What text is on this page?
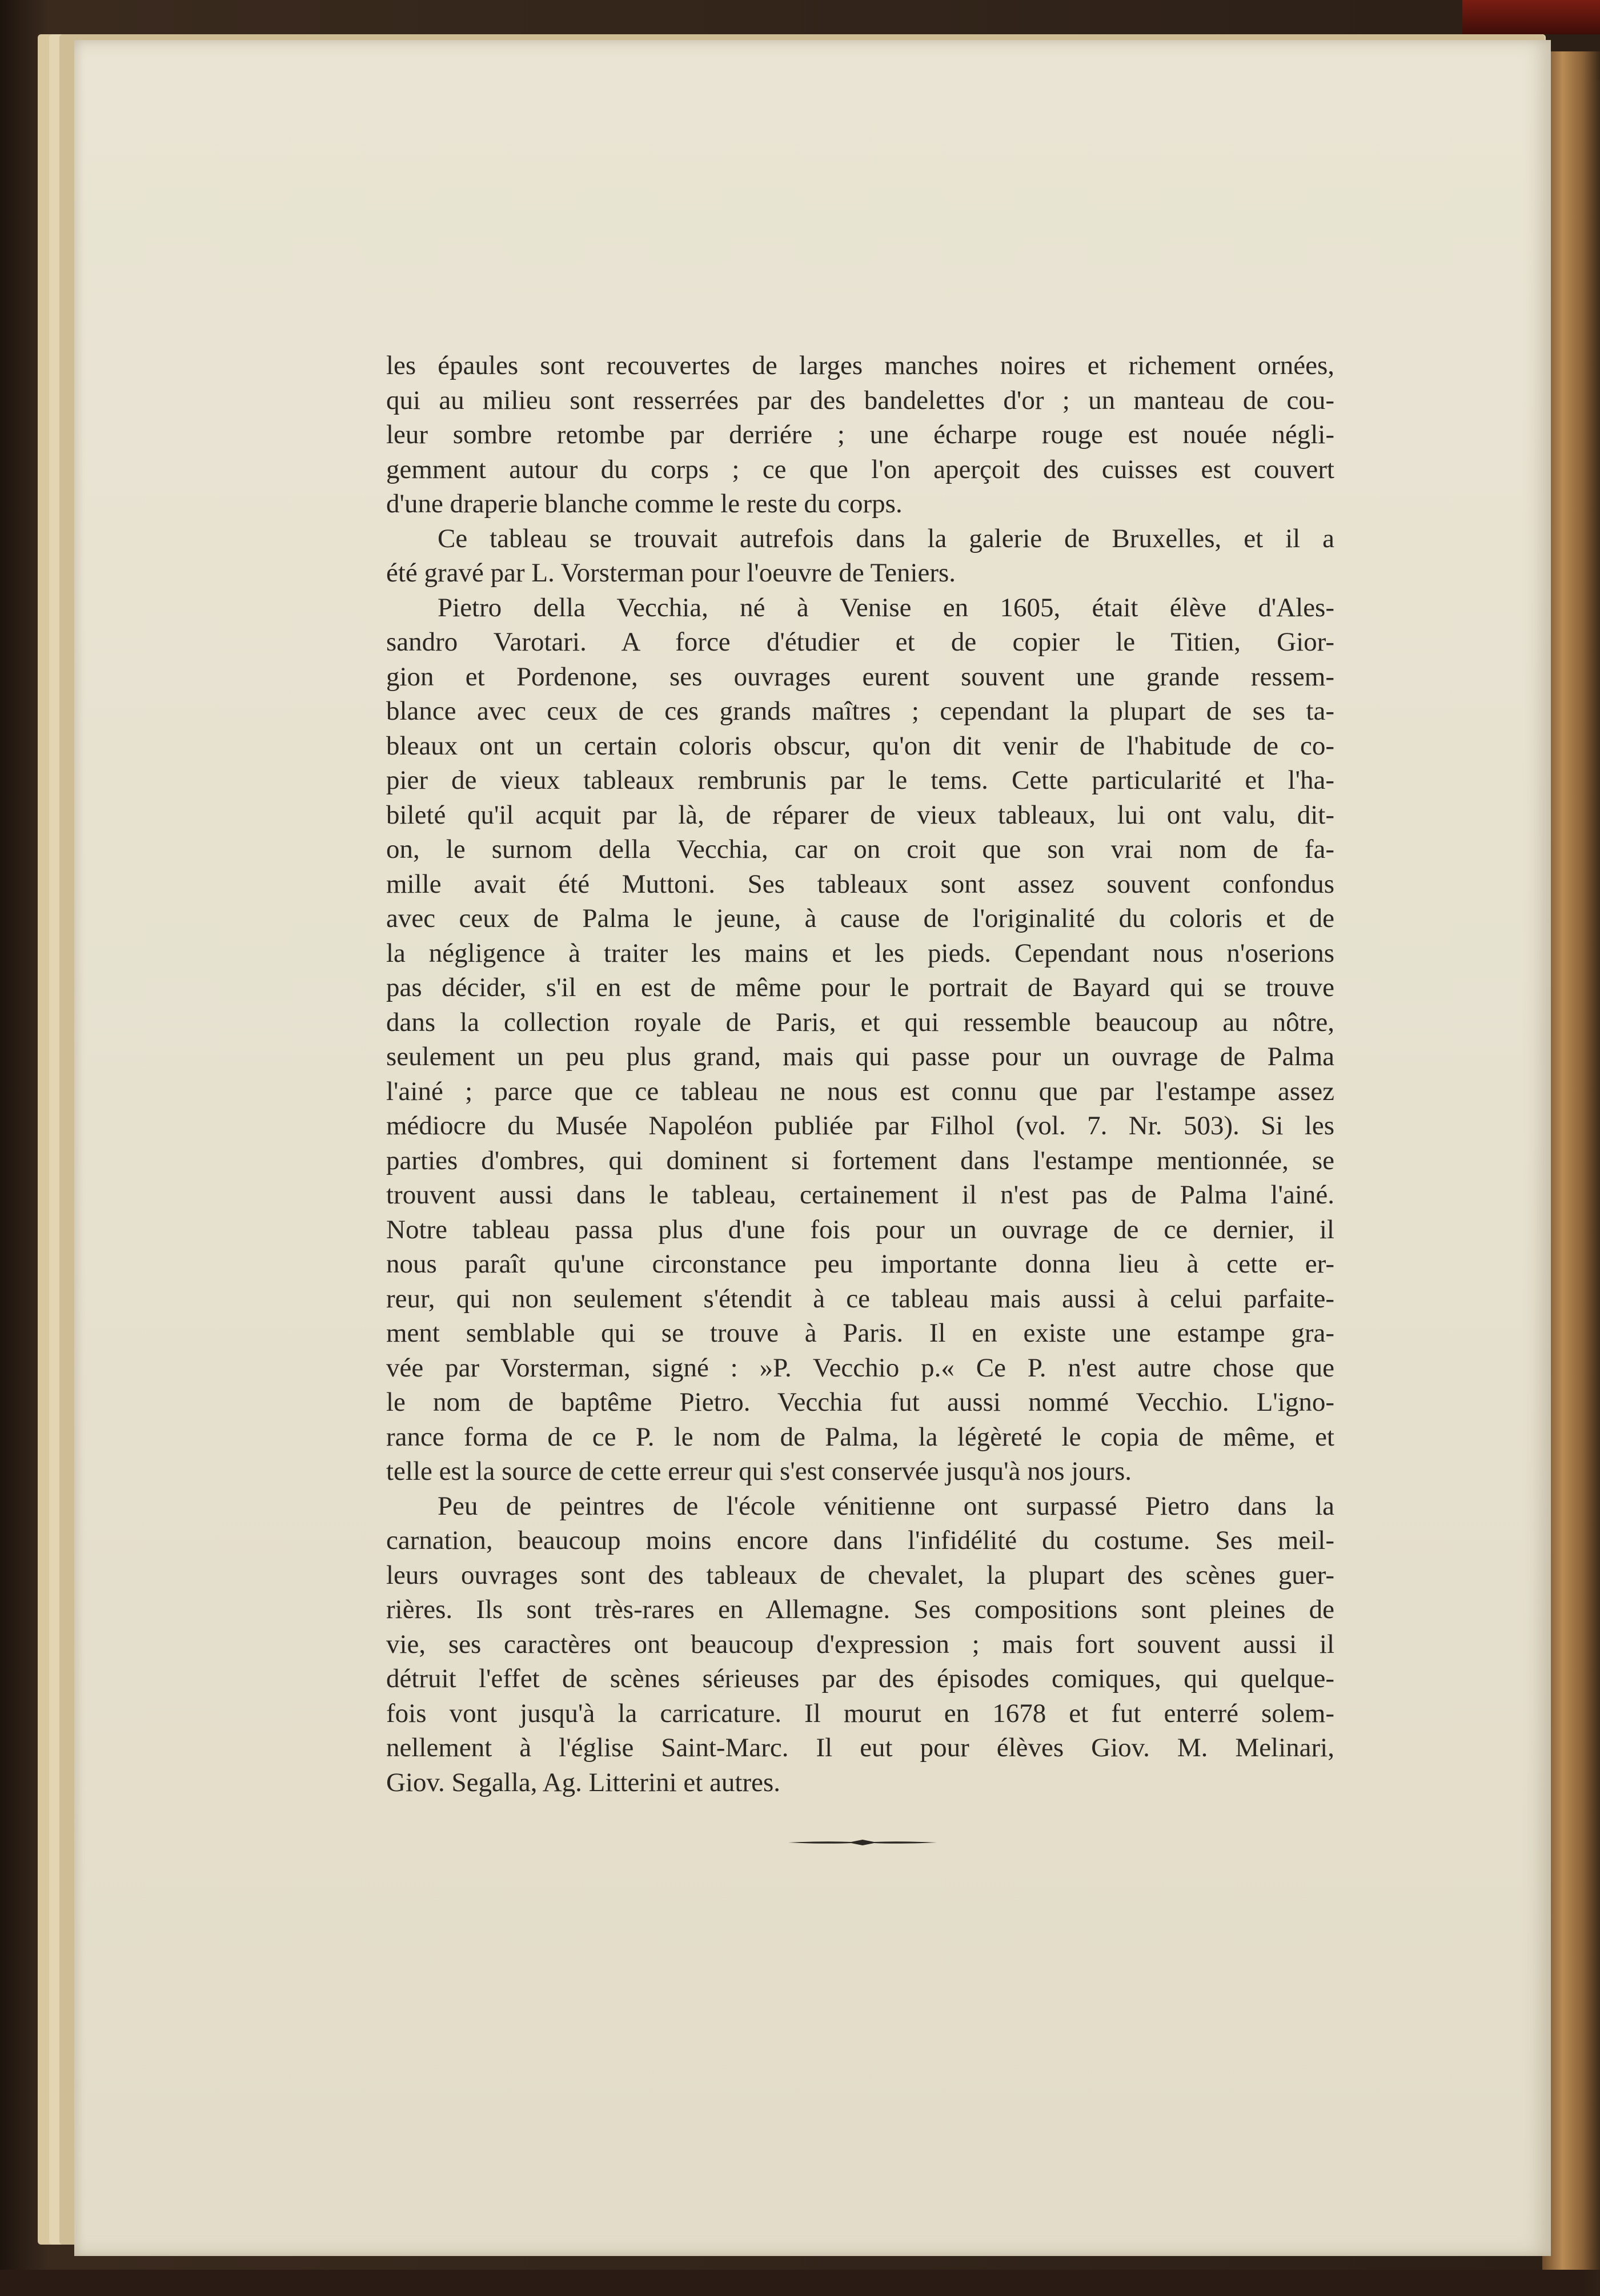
les épaules sont recouvertes de larges manches noires et richement ornées,
qui au milieu sont resserrées par des bandelettes d'or ; un manteau de cou-
leur sombre retombe par derriére ; une écharpe rouge est nouée négli-
gemment autour du corps ; ce que l'on aperçoit des cuisses est couvert
d'une draperie blanche comme le reste du corps.
Ce tableau se trouvait autrefois dans la galerie de Bruxelles, et il a
été gravé par L. Vorsterman pour l'oeuvre de Teniers.
Pietro della Vecchia, né à Venise en 1605, était élève d'Ales-
sandro Varotari. A force d'étudier et de copier le Titien, Gior-
gion et Pordenone, ses ouvrages eurent souvent une grande ressem-
blance avec ceux de ces grands maîtres ; cependant la plupart de ses ta-
bleaux ont un certain coloris obscur, qu'on dit venir de l'habitude de co-
pier de vieux tableaux rembrunis par le tems. Cette particularité et l'ha-
bileté qu'il acquit par là, de réparer de vieux tableaux, lui ont valu, dit-
on, le surnom della Vecchia, car on croit que son vrai nom de fa-
mille avait été Muttoni. Ses tableaux sont assez souvent confondus
avec ceux de Palma le jeune, à cause de l'originalité du coloris et de
la négligence à traiter les mains et les pieds. Cependant nous n'oserions
pas décider, s'il en est de même pour le portrait de Bayard qui se trouve
dans la collection royale de Paris, et qui ressemble beaucoup au nôtre,
seulement un peu plus grand, mais qui passe pour un ouvrage de Palma
l'ainé ; parce que ce tableau ne nous est connu que par l'estampe assez
médiocre du Musée Napoléon publiée par Filhol (vol. 7. Nr. 503). Si les
parties d'ombres, qui dominent si fortement dans l'estampe mentionnée, se
trouvent aussi dans le tableau, certainement il n'est pas de Palma l'ainé.
Notre tableau passa plus d'une fois pour un ouvrage de ce dernier, il
nous paraît qu'une circonstance peu importante donna lieu à cette er-
reur, qui non seulement s'étendit à ce tableau mais aussi à celui parfaite-
ment semblable qui se trouve à Paris. Il en existe une estampe gra-
vée par Vorsterman, signé : »P. Vecchio p.« Ce P. n'est autre chose que
le nom de baptême Pietro. Vecchia fut aussi nommé Vecchio. L'igno-
rance forma de ce P. le nom de Palma, la légèreté le copia de même, et
telle est la source de cette erreur qui s'est conservée jusqu'à nos jours.
Peu de peintres de l'école vénitienne ont surpassé Pietro dans la
carnation, beaucoup moins encore dans l'infidélité du costume. Ses meil-
leurs ouvrages sont des tableaux de chevalet, la plupart des scènes guer-
rières. Ils sont très-rares en Allemagne. Ses compositions sont pleines de
vie, ses caractères ont beaucoup d'expression ; mais fort souvent aussi il
détruit l'effet de scènes sérieuses par des épisodes comiques, qui quelque-
fois vont jusqu'à la carricature. Il mourut en 1678 et fut enterré solem-
nellement à l'église Saint-Marc. Il eut pour élèves Giov. M. Melinari,
Giov. Segalla, Ag. Litterini et autres.
